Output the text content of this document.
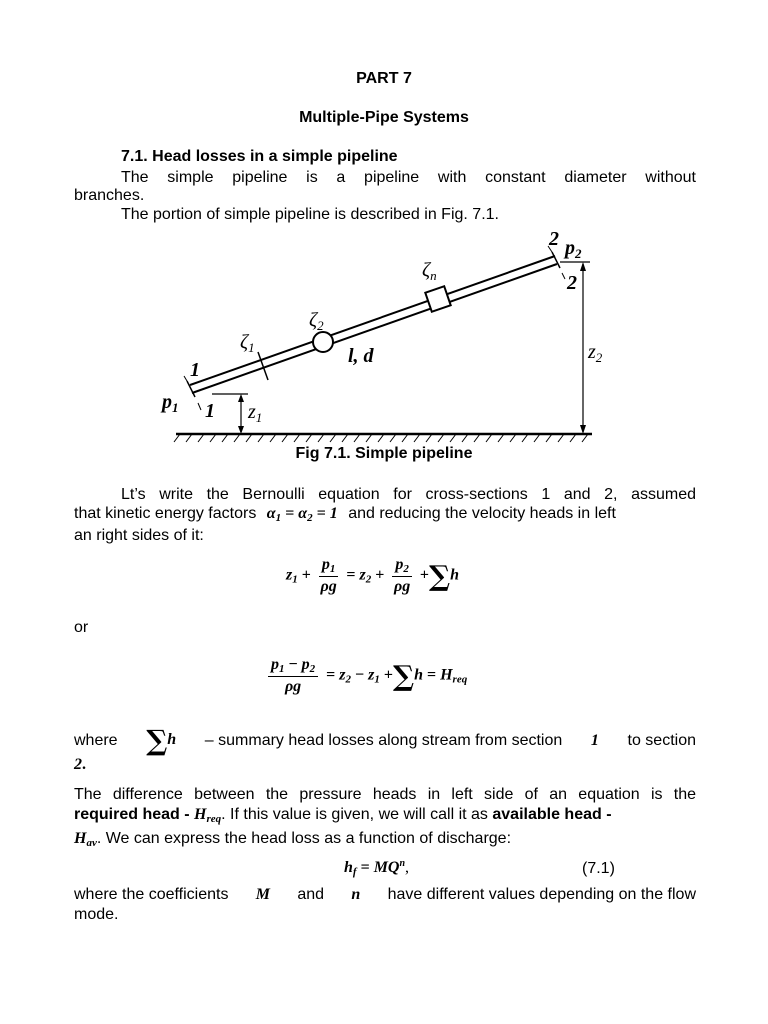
PART 7
Multiple-Pipe Systems
7.1. Head losses in a simple pipeline
The simple pipeline is a pipeline with constant diameter without
branches.
The portion of simple pipeline is described in Fig. 7.1.
1
1
$p_1$	$z_1$
$\zeta_1$
$\zeta_2$
$\zeta_n$
l, d
2
2
$p_2$
$z_2$
Fig 7.1. Simple pipeline
Lt’s write the Bernoulli equation for cross-sections 1 and 2, assumed
that kinetic energy factors $\alpha_1 = \alpha_2 = 1$ and reducing the velocity heads in left
an right sides of it:
$z_1 + \frac{p_1}{\rho g} = z_2 + \frac{p_2}{\rho g} +\sum h$
or
$\frac{p_1 - p_2}{\rho g} = z_2 - z_1 +\sum h = H_{req}$
where ∑h – summary head losses along stream from section 1 to section
2.
The difference between the pressure heads in left side of an equation is the
required head - $H_{req}$. If this value is given, we will call it as available head -
$H_{av}$. We can express the head loss as a function of discharge:
$h_f = MQ^n$,	(7.1)
where the coefficients M and n have different values depending on the flow
mode.
